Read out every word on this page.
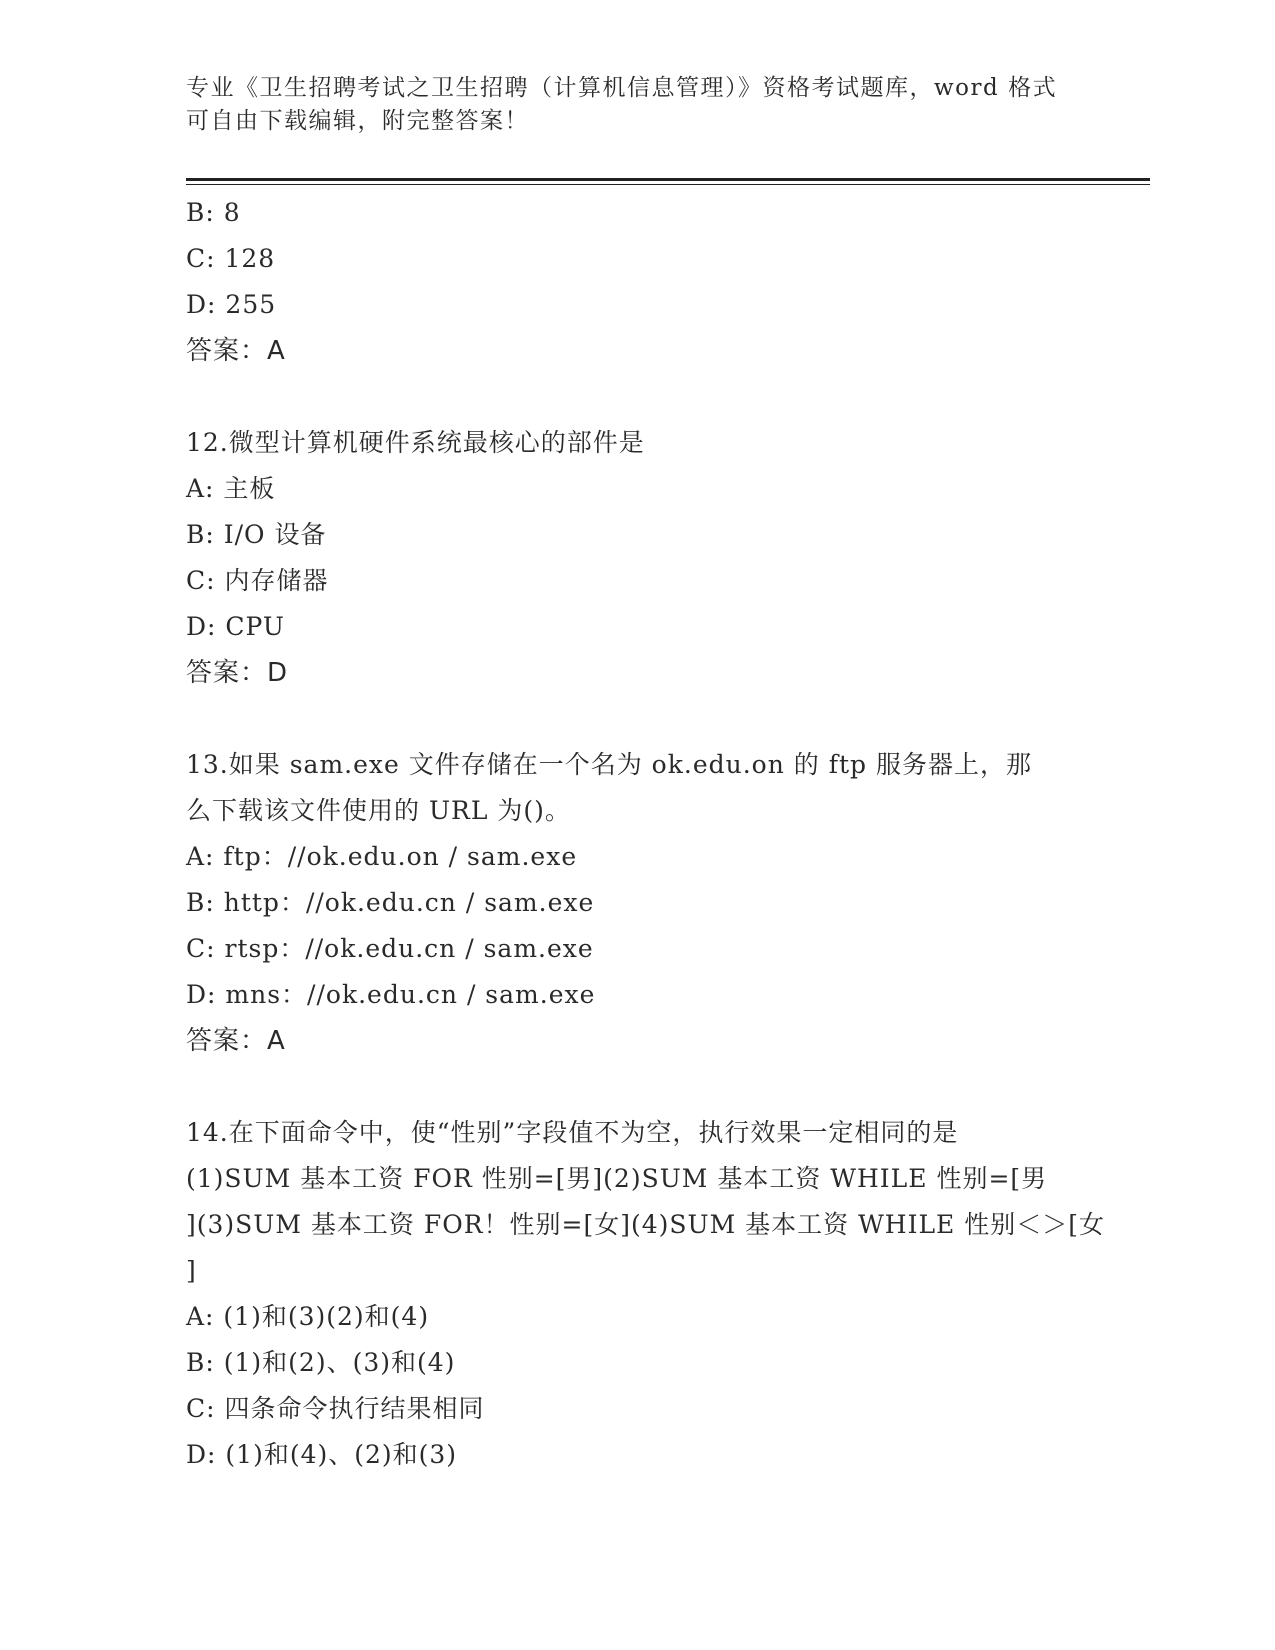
专业《卫生招聘考试之卫生招聘（计算机信息管理）》资格考试题库，word 格式
可自由下载编辑，附完整答案！
B: 8
C: 128
D: 255
答案：A
12.微型计算机硬件系统最核心的部件是
A: 主板
B: I/O 设备
C: 内存储器
D: CPU
答案：D
13.如果 sam.exe 文件存储在一个名为 ok.edu.on 的 ftp 服务器上，那
么下载该文件使用的 URL 为()。
A: ftp：//ok.edu.on / sam.exe
B: http：//ok.edu.cn / sam.exe
C: rtsp：//ok.edu.cn / sam.exe
D: mns：//ok.edu.cn / sam.exe
答案：A
14.在下面命令中，使“性别”字段值不为空，执行效果一定相同的是
(1)SUM 基本工资 FOR 性别=[男](2)SUM 基本工资 WHILE 性别=[男
](3)SUM 基本工资 FOR！性别=[女](4)SUM 基本工资 WHILE 性别＜＞[女
]
A: (1)和(3)(2)和(4)
B: (1)和(2)、(3)和(4)
C: 四条命令执行结果相同
D: (1)和(4)、(2)和(3)
